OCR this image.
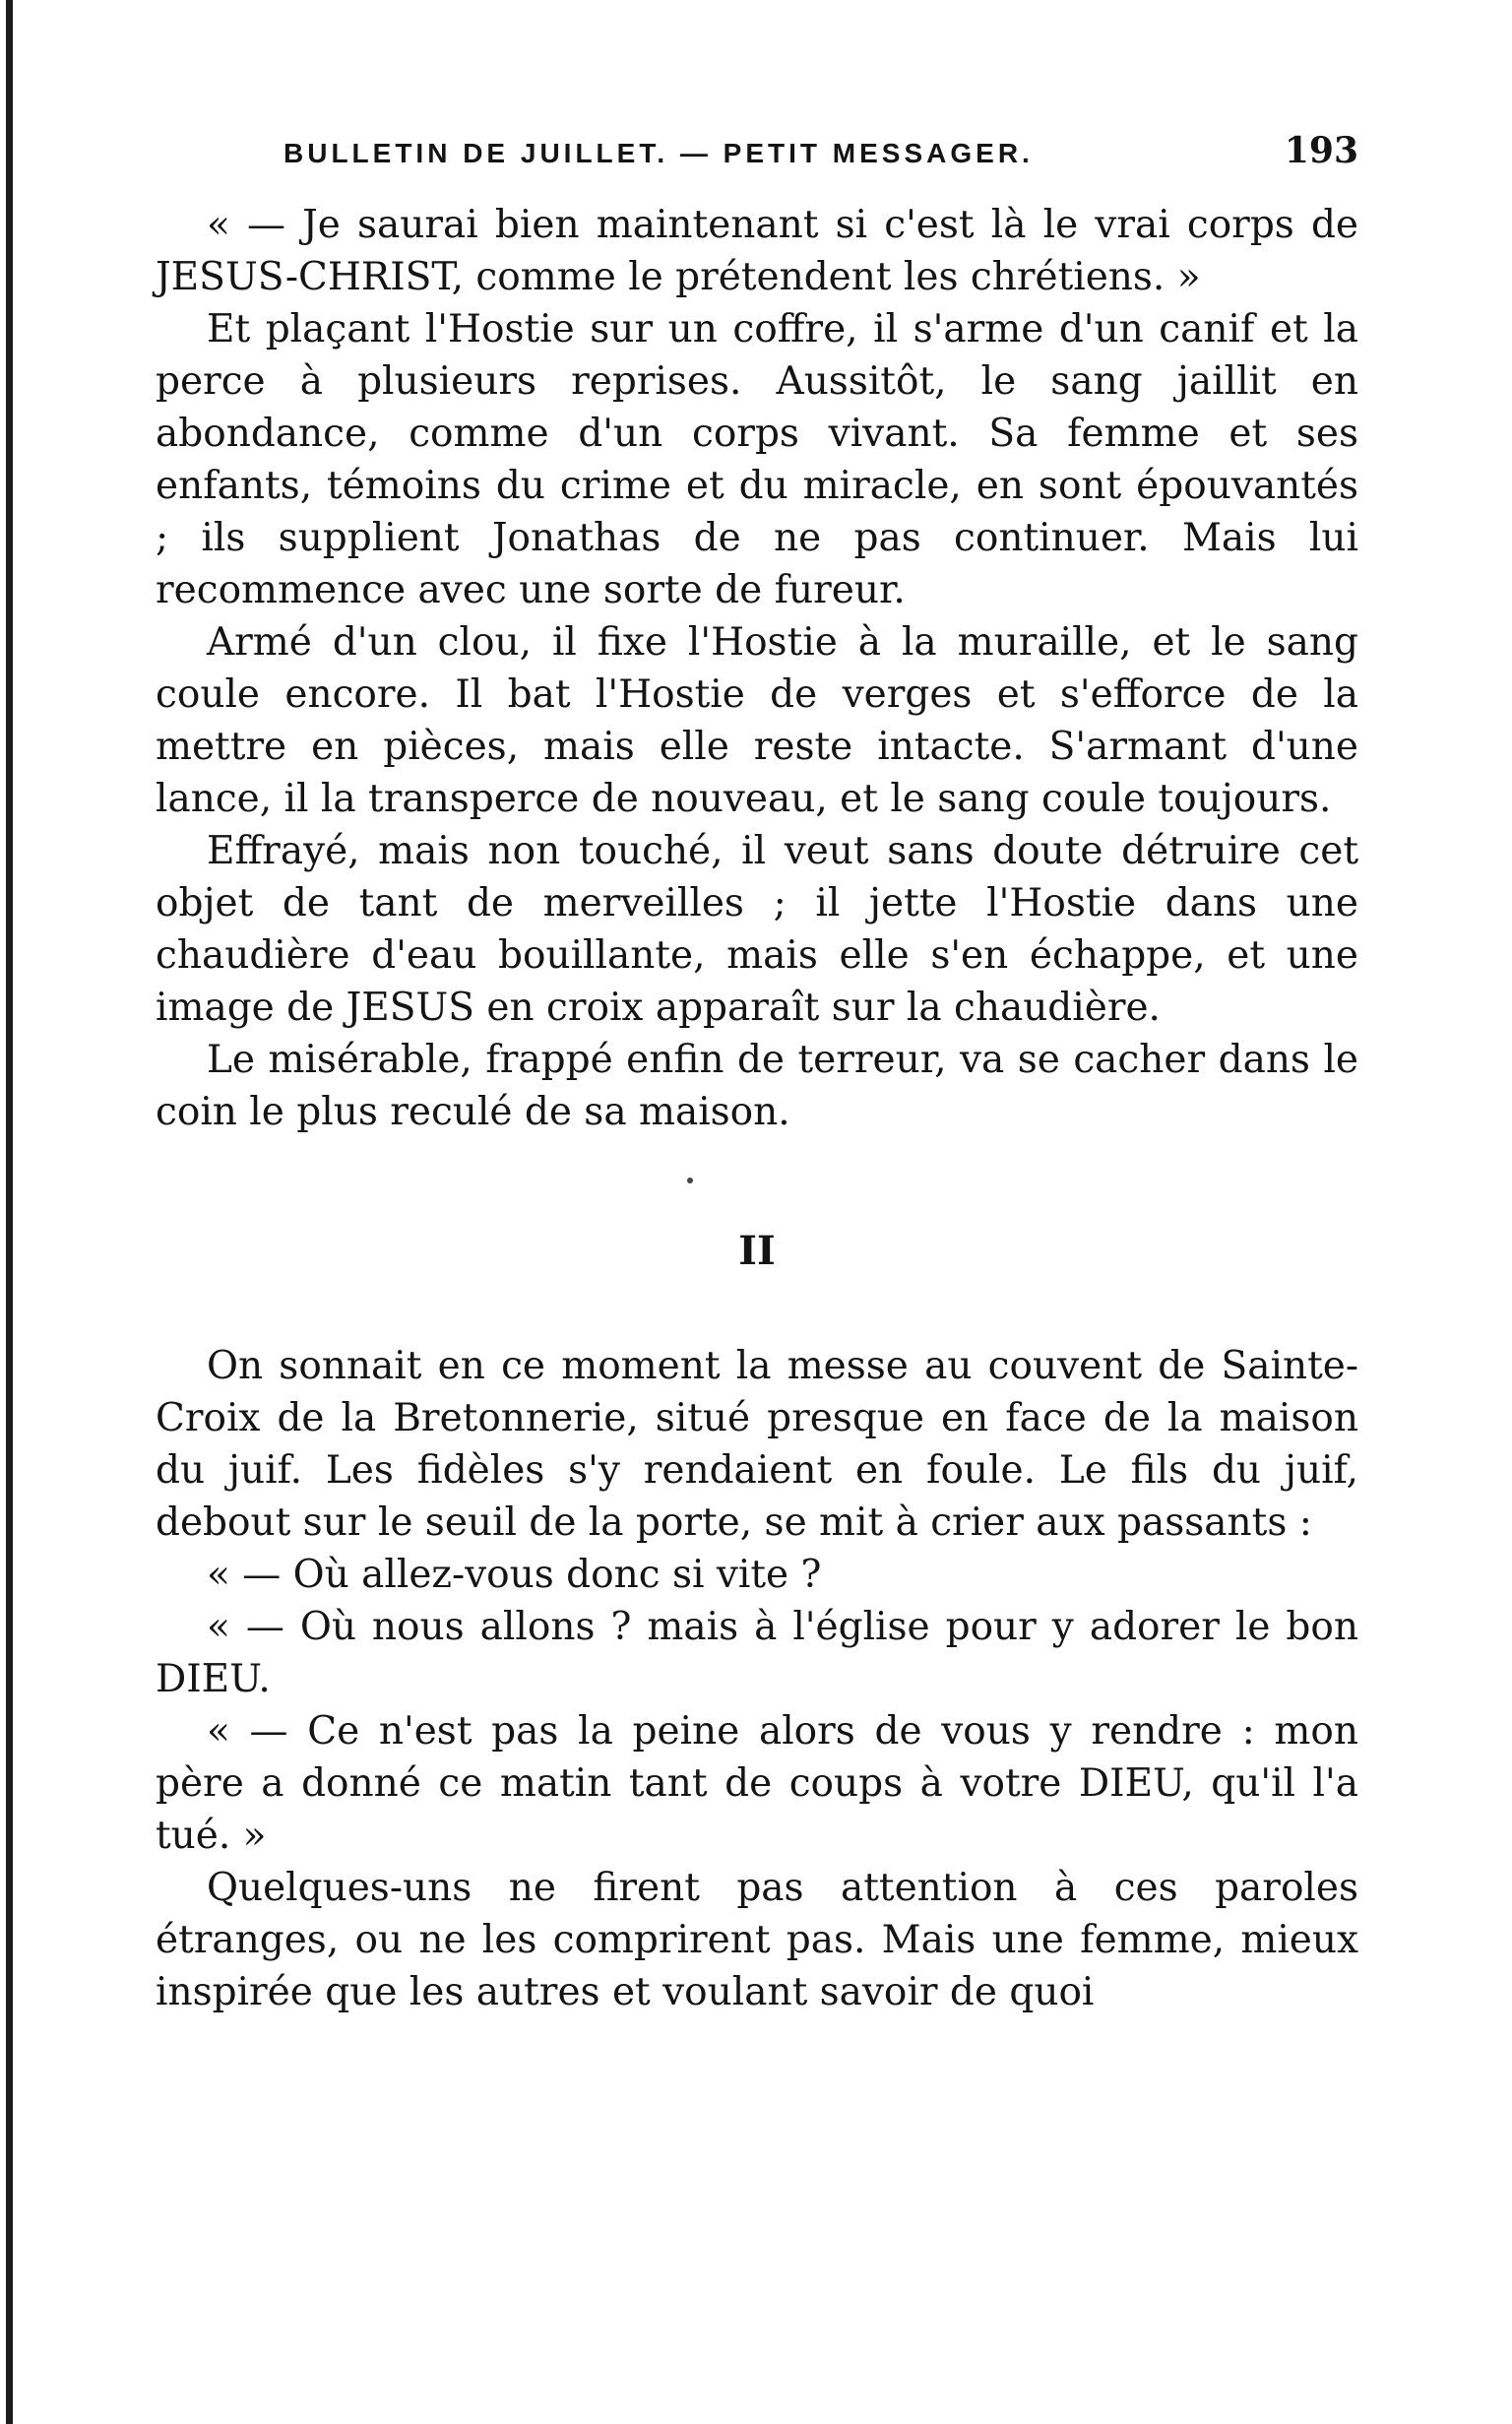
BULLETIN DE JUILLET. — PETIT MESSAGER.	193

« — Je saurai bien maintenant si c'est là le vrai corps de JESUS-CHRIST, comme le prétendent les chrétiens. »

Et plaçant l'Hostie sur un coffre, il s'arme d'un canif et la perce à plusieurs reprises. Aussitôt, le sang jaillit en abondance, comme d'un corps vivant. Sa femme et ses enfants, témoins du crime et du miracle, en sont épouvantés ; ils supplient Jonathas de ne pas continuer. Mais lui recommence avec une sorte de fureur.

Armé d'un clou, il fixe l'Hostie à la muraille, et le sang coule encore. Il bat l'Hostie de verges et s'efforce de la mettre en pièces, mais elle reste intacte. S'armant d'une lance, il la transperce de nouveau, et le sang coule toujours.

Effrayé, mais non touché, il veut sans doute détruire cet objet de tant de merveilles ; il jette l'Hostie dans une chaudière d'eau bouillante, mais elle s'en échappe, et une image de JESUS en croix apparaît sur la chaudière.

Le misérable, frappé enfin de terreur, va se cacher dans le coin le plus reculé de sa maison.

II

On sonnait en ce moment la messe au couvent de Sainte-Croix de la Bretonnerie, situé presque en face de la maison du juif. Les fidèles s'y rendaient en foule. Le fils du juif, debout sur le seuil de la porte, se mit à crier aux passants :

« — Où allez-vous donc si vite ?

« — Où nous allons ? mais à l'église pour y adorer le bon DIEU.

« — Ce n'est pas la peine alors de vous y rendre : mon père a donné ce matin tant de coups à votre DIEU, qu'il l'a tué. »

Quelques-uns ne firent pas attention à ces paroles étranges, ou ne les comprirent pas. Mais une femme, mieux inspirée que les autres et voulant savoir de quoi
